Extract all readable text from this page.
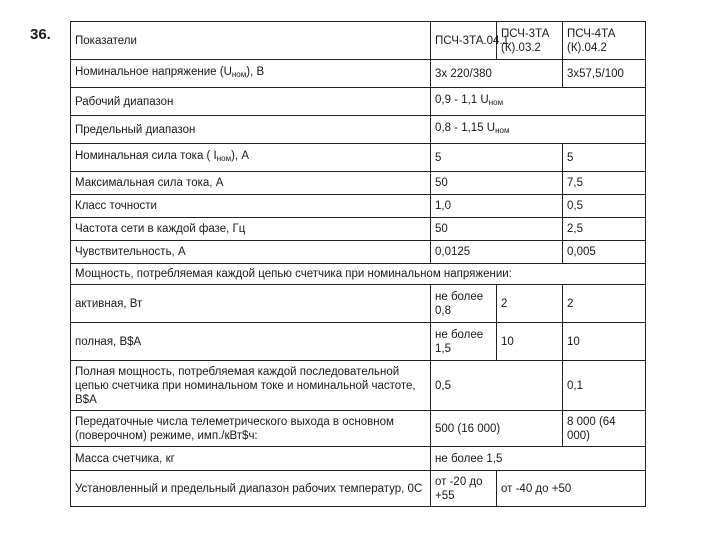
36. Показатели	ПСЧ-3ТА.04.1	ПСЧ-3ТА (К).03.2	ПСЧ-4ТА (К).04.2
Номинальное напряжение $(U_{ном})$, В	3x 220/380		3x57,5/100
Рабочий диапазон	0,9 - 1,1 $U_{ном}$
Предельный диапазон	0,8 - 1,15 $U_{ном}$
Номинальная сила тока ( $I_{ном}$), А	5		5
Максимальная сила тока, А	50		7,5
Класс точности	1,0		0,5
Частота сети в каждой фазе, Гц	50		2,5
Чувствительность, А	0,0125		0,005
Мощность, потребляемая каждой цепью счетчика при номинальном напряжении:			
активная, Вт	не более 0,8	2	2
полная, В$А	не более 1,5	10	10
Полная мощность, потребляемая каждой последовательной цепью счетчика при номинальном токе и номинальной частоте, В$А	0,5		0,1
Передаточные числа телеметрического выхода в основном (поверочном) режиме, имп./кВт$ч:	500 (16 000)		8 000 (64 000)
Масса счетчика, кг	не более 1,5		
Установленный и предельный диапазон рабочих температур, 0С	от -20 до +55	от -40 до +50	
